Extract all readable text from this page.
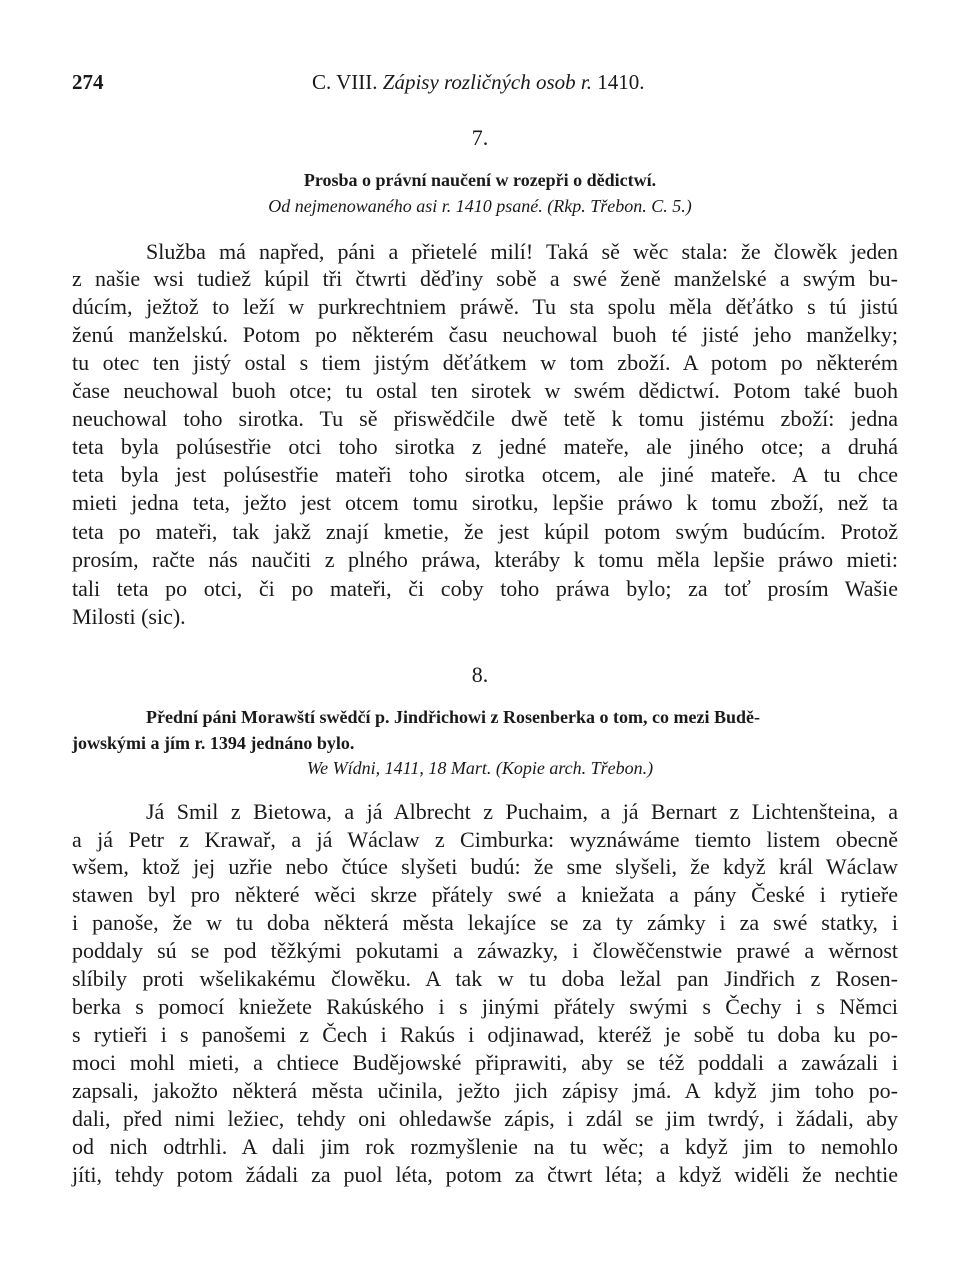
274	C. VIII. Zápisy rozličných osob r. 1410.
7.
Prosba o právní naučení w rozepři o dědictwí.
Od nejmenowaného asi r. 1410 psané. (Rkp. Třebon. C. 5.)
Služba má napřed, páni a přietelé milí! Taká sě wěc stala: že člowěk jeden
z našie wsi tudiež kúpil tři čtwrti děďiny sobě a swé ženě manželské a swým bu-
dúcím, ježtož to leží w purkrechtniem práwě. Tu sta spolu měla děťátko s tú jistú
ženú manželskú. Potom po některém času neuchowal buoh té jisté jeho manželky;
tu otec ten jistý ostal s tiem jistým děťátkem w tom zboží. A potom po některém
čase neuchowal buoh otce; tu ostal ten sirotek w swém dědictwí. Potom také buoh
neuchowal toho sirotka. Tu sě přiswědčile dwě tetě k tomu jistému zboží: jedna
teta byla polúsestřie otci toho sirotka z jedné mateře, ale jiného otce; a druhá
teta byla jest polúsestřie mateři toho sirotka otcem, ale jiné mateře. A tu chce
mieti jedna teta, ježto jest otcem tomu sirotku, lepšie práwo k tomu zboží, než ta
teta po mateři, tak jakž znají kmetie, že jest kúpil potom swým budúcím. Protož
prosím, račte nás naučiti z plného práwa, kteráby k tomu měla lepšie práwo mieti:
tali teta po otci, či po mateři, či coby toho práwa bylo; za toť prosím Wašie
Milosti (sic).
8.
Přední páni Morawští swědčí p. Jindřichowi z Rosenberka o tom, co mezi Budě-
jowskými a jím r. 1394 jednáno bylo.
We Wídni, 1411, 18 Mart. (Kopie arch. Třebon.)
Já Smil z Bietowa, a já Albrecht z Puchaim, a já Bernart z Lichtenšteina, a
a já Petr z Krawař, a já Wáclaw z Cimburka: wyznáwáme tiemto listem obecně
wšem, ktož jej uzřie nebo čtúce slyšeti budú: že sme slyšeli, že když král Wáclaw
stawen byl pro některé wěci skrze přátely swé a kniežata a pány České i rytieře
i panoše, že w tu doba některá města lekajíce se za ty zámky i za swé statky, i
poddaly sú se pod těžkými pokutami a záwazky, i člowěčenstwie prawé a wěrnost
slíbily proti wšelikakému člowěku. A tak w tu doba ležal pan Jindřich z Rosen-
berka s pomocí kniežete Rakúského i s jinými přátely swými s Čechy i s Němci
s rytieři i s panošemi z Čech i Rakús i odjinawad, kteréž je sobě tu doba ku po-
moci mohl mieti, a chtiece Budějowské připrawiti, aby se též poddali a zawázali i
zapsali, jakožto některá města učinila, ježto jich zápisy jmá. A když jim toho po-
dali, před nimi ležiec, tehdy oni ohledawše zápis, i zdál se jim twrdý, i žádali, aby
od nich odtrhli. A dali jim rok rozmyšlenie na tu wěc; a když jim to nemohlo
jíti, tehdy potom žádali za puol léta, potom za čtwrt léta; a když widěli že nechtie
